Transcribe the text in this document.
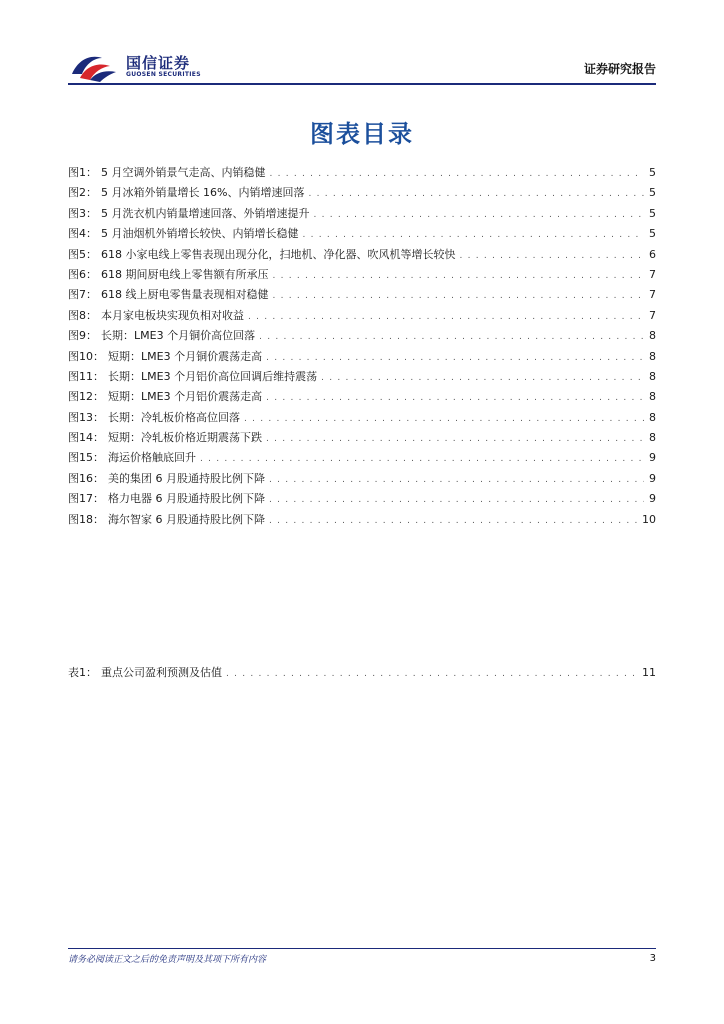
国信证券
GUOSEN SECURITIES	证券研究报告
图表目录
图1： 5 月空调外销景气走高、内销稳健 . . .	5
图2： 5 月冰箱外销量增长 16%、内销增速回落 . . .	5
图3： 5 月洗衣机内销量增速回落、外销增速提升 . . .	5
图4： 5 月油烟机外销增长较快、内销增长稳健 . . .	5
图5： 618 小家电线上零售表现出现分化，扫地机、净化器、吹风机等增长较快 . . .	6
图6： 618 期间厨电线上零售额有所承压 . . .	7
图7： 618 线上厨电零售量表现相对稳健 . . .	7
图8： 本月家电板块实现负相对收益 . . .	7
图9： 长期：LME3 个月铜价高位回落 . . .	8
图10： 短期：LME3 个月铜价震荡走高 . . .	8
图11： 长期：LME3 个月铝价高位回调后维持震荡 . . .	8
图12： 短期：LME3 个月铝价震荡走高 . . .	8
图13： 长期：冷轧板价格高位回落 . . .	8
图14： 短期：冷轧板价格近期震荡下跌 . . .	8
图15： 海运价格触底回升 . . .	9
图16： 美的集团 6 月股通持股比例下降 . . .	9
图17： 格力电器 6 月股通持股比例下降 . . .	9
图18： 海尔智家 6 月股通持股比例下降 . . .	10
表1： 重点公司盈利预测及估值 . . .	11
请务必阅读正文之后的免责声明及其项下所有内容	3
